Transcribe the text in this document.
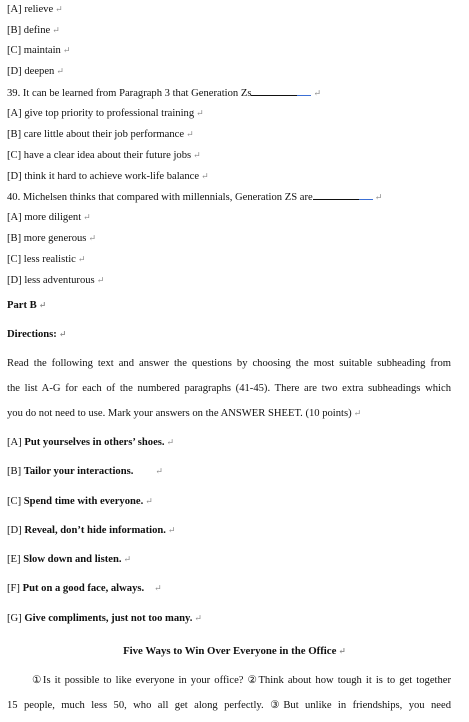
[A] relieve ↵
[B] define ↵
[C] maintain ↵
[D] deepen ↵
39. It can be learned from Paragraph 3 that Generation Zs	↵
[A] give top priority to professional training ↵
[B] care little about their job performance ↵
[C] have a clear idea about their future jobs ↵
[D] think it hard to achieve work-life balance ↵
40. Michelsen thinks that compared with millennials, Generation ZS are	↵
[A] more diligent ↵
[B] more generous ↵
[C] less realistic ↵
[D] less adventurous ↵
Part B ↵
Directions: ↵
Read the following text and answer the questions by choosing the most suitable subheading from
the list A-G for each of the numbered paragraphs (41-45). There are two extra subheadings which
you do not need to use. Mark your answers on the ANSWER SHEET. (10 points) ↵
[A] Put yourselves in others’ shoes. ↵
[B] Tailor your interactions. ↵
[C] Spend time with everyone. ↵
[D] Reveal, don’t hide information. ↵
[E] Slow down and listen. ↵
[F] Put on a good face, always. ↵
[G] Give compliments, just not too many. ↵
Five Ways to Win Over Everyone in the Office ↵
①Is it possible to like everyone in your office? ②Think about how tough it is to get together
15 people, much less 50, who all get along perfectly. ③But unlike in friendships, you need
